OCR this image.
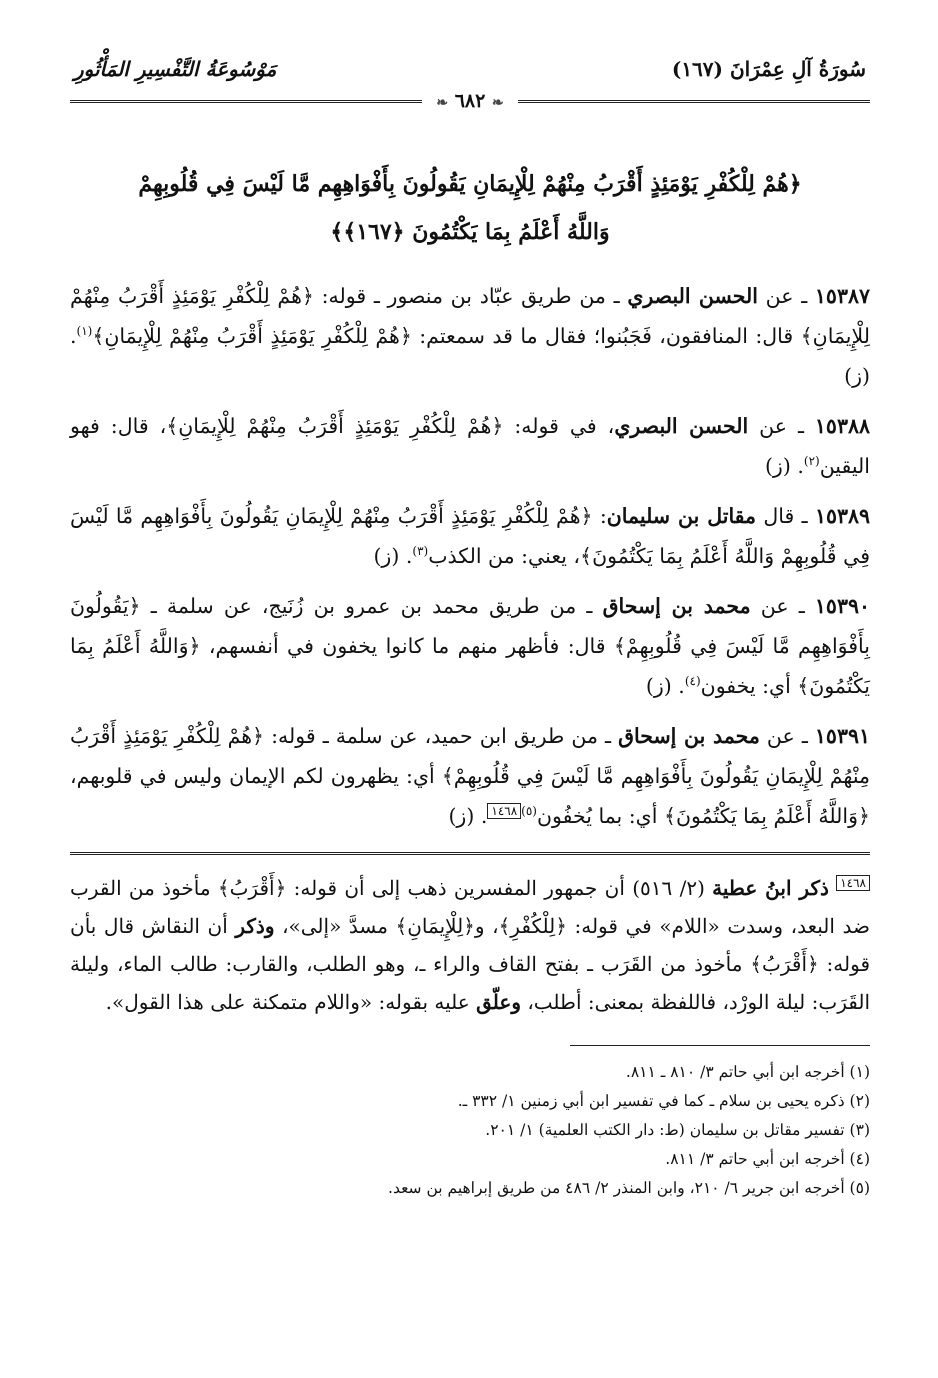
سُورَةُ آلِ عِمْرَانَ (١٦٧)
مَوْسُوعَةُ التَّفْسِيرِ المَأْثُورِ
❧ ٦٨٢ ❧
﴿هُمْ لِلْكُفْرِ يَوْمَئِذٍ أَقْرَبُ مِنْهُمْ لِلْإِيمَانِ يَقُولُونَ بِأَفْوَاهِهِم مَّا لَيْسَ فِي قُلُوبِهِمْ
وَاللَّهُ أَعْلَمُ بِمَا يَكْتُمُونَ ﴿١٦٧﴾﴾
١٥٣٨٧ ـ عن الحسن البصري ـ من طريق عبّاد بن منصور ـ قوله: ﴿هُمْ لِلْكُفْرِ يَوْمَئِذٍ أَقْرَبُ مِنْهُمْ لِلْإِيمَانِ﴾ قال: المنافقون، فَجَبُنوا؛ فقال ما قد سمعتم: ﴿هُمْ لِلْكُفْرِ يَوْمَئِذٍ أَقْرَبُ مِنْهُمْ لِلْإِيمَانِ﴾$^{(١)}$. (ز)
١٥٣٨٨ ـ عن الحسن البصري، في قوله: ﴿هُمْ لِلْكُفْرِ يَوْمَئِذٍ أَقْرَبُ مِنْهُمْ لِلْإِيمَانِ﴾، قال: فهو اليقين$^{(٢)}$. (ز)
١٥٣٨٩ ـ قال مقاتل بن سليمان: ﴿هُمْ لِلْكُفْرِ يَوْمَئِذٍ أَقْرَبُ مِنْهُمْ لِلْإِيمَانِ يَقُولُونَ بِأَفْوَاهِهِم مَّا لَيْسَ فِي قُلُوبِهِمْ وَاللَّهُ أَعْلَمُ بِمَا يَكْتُمُونَ﴾، يعني: من الكذب$^{(٣)}$. (ز)
١٥٣٩٠ ـ عن محمد بن إسحاق ـ من طريق محمد بن عمرو بن زُنَيج، عن سلمة ـ ﴿يَقُولُونَ بِأَفْوَاهِهِم مَّا لَيْسَ فِي قُلُوبِهِمْ﴾ قال: فأظهر منهم ما كانوا يخفون في أنفسهم، ﴿وَاللَّهُ أَعْلَمُ بِمَا يَكْتُمُونَ﴾ أي: يخفون$^{(٤)}$. (ز)
١٥٣٩١ ـ عن محمد بن إسحاق ـ من طريق ابن حميد، عن سلمة ـ قوله: ﴿هُمْ لِلْكُفْرِ يَوْمَئِذٍ أَقْرَبُ مِنْهُمْ لِلْإِيمَانِ يَقُولُونَ بِأَفْوَاهِهِم مَّا لَيْسَ فِي قُلُوبِهِمْ﴾ أي: يظهرون لكم الإيمان وليس في قلوبهم، ﴿وَاللَّهُ أَعْلَمُ بِمَا يَكْتُمُونَ﴾ أي: بما يُخفُون$^{(٥)}$١٤٦٨. (ز)
١٤٦٨ ذكر ابنُ عطية (٢/ ٥١٦) أن جمهور المفسرين ذهب إلى أن قوله: ﴿أَقْرَبُ﴾ مأخوذ من القرب ضد البعد، وسدت «اللام» في قوله: ﴿لِلْكُفْرِ﴾، و﴿لِلْإِيمَانِ﴾ مسدَّ «إلى»، وذكر أن النقاش قال بأن قوله: ﴿أَقْرَبُ﴾ مأخوذ من القَرَب ـ بفتح القاف والراء ـ، وهو الطلب، والقارب: طالب الماء، وليلة القَرَب: ليلة الورْد، فاللفظة بمعنى: أطلب، وعلّق عليه بقوله: «واللام متمكنة على هذا القول».
(١) أخرجه ابن أبي حاتم ٣/ ٨١٠ ـ ٨١١.
(٢) ذكره يحيى بن سلام ـ كما في تفسير ابن أبي زمنين ١/ ٣٣٢ ـ.
(٣) تفسير مقاتل بن سليمان (ط: دار الكتب العلمية) ١/ ٢٠١.
(٤) أخرجه ابن أبي حاتم ٣/ ٨١١.
(٥) أخرجه ابن جرير ٦/ ٢١٠، وابن المنذر ٢/ ٤٨٦ من طريق إبراهيم بن سعد.
